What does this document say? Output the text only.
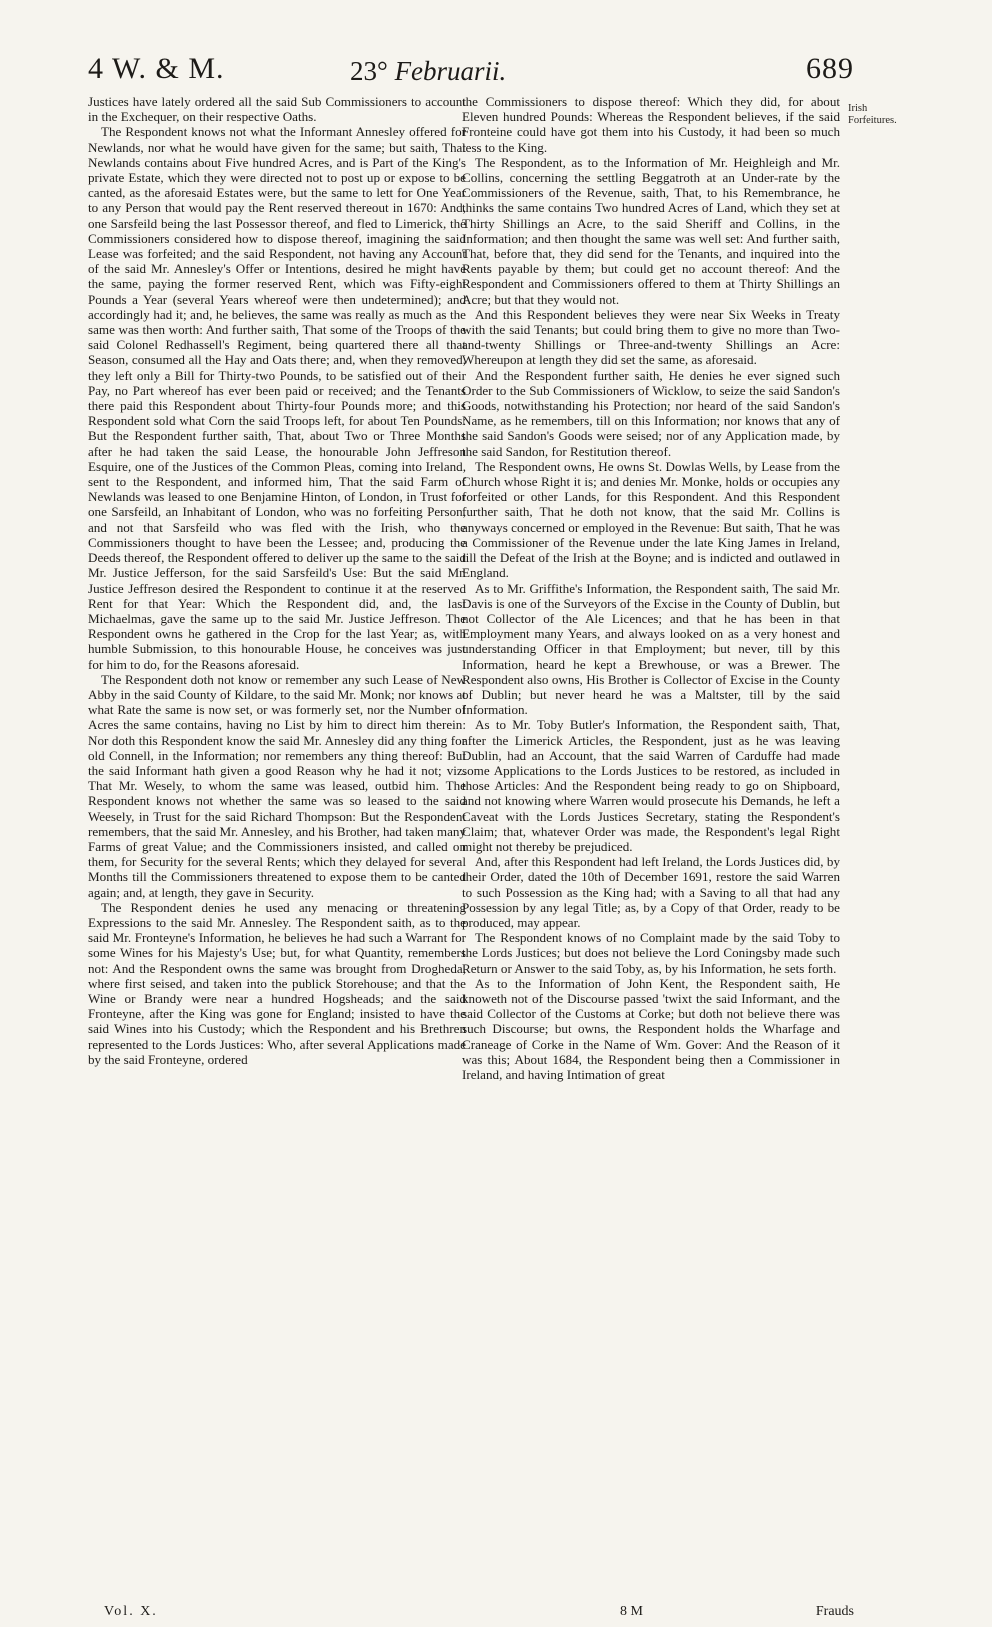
4 W. & M.	23° Februarii.	689

Justices have lately ordered all the said Sub Commissioners to account in the Exchequer, on their respective Oaths.

The Respondent knows not what the Informant Annesley offered for Newlands, nor what he would have given for the same; but saith, That Newlands contains about Five hundred Acres, and is Part of the King's private Estate, which they were directed not to post up or expose to be canted, as the aforesaid Estates were, but the same to lett for One Year to any Person that would pay the Rent reserved thereout in 1670: And, one Sarsfeild being the last Possessor thereof, and fled to Limerick, the Commissioners considered how to dispose thereof, imagining the said Lease was forfeited; and the said Respondent, not having any Account of the said Mr. Annesley's Offer or Intentions, desired he might have the same, paying the former reserved Rent, which was Fifty-eight Pounds a Year (several Years whereof were then undetermined); and accordingly had it; and, he believes, the same was really as much as the same was then worth: And further saith, That some of the Troops of the said Colonel Redhassell's Regiment, being quartered there all that Season, consumed all the Hay and Oats there; and, when they removed, they left only a Bill for Thirty-two Pounds, to be satisfied out of their Pay, no Part whereof has ever been paid or received; and the Tenants there paid this Respondent about Thirty-four Pounds more; and this Respondent sold what Corn the said Troops left, for about Ten Pounds: But the Respondent further saith, That, about Two or Three Months after he had taken the said Lease, the honourable John Jeffreson Esquire, one of the Justices of the Common Pleas, coming into Ireland, sent to the Respondent, and informed him, That the said Farm of Newlands was leased to one Benjamine Hinton, of London, in Trust for one Sarsfeild, an Inhabitant of London, who was no forfeiting Person, and not that Sarsfeild who was fled with the Irish, who the Commissioners thought to have been the Lessee; and, producing the Deeds thereof, the Respondent offered to deliver up the same to the said Mr. Justice Jefferson, for the said Sarsfeild's Use: But the said Mr. Justice Jeffreson desired the Respondent to continue it at the reserved Rent for that Year: Which the Respondent did, and, the last Michaelmas, gave the same up to the said Mr. Justice Jeffreson. The Respondent owns he gathered in the Crop for the last Year; as, with humble Submission, to this honourable House, he conceives was just for him to do, for the Reasons aforesaid.

The Respondent doth not know or remember any such Lease of New Abby in the said County of Kildare, to the said Mr. Monk; nor knows at what Rate the same is now set, or was formerly set, nor the Number of Acres the same contains, having no List by him to direct him therein: Nor doth this Respondent know the said Mr. Annesley did any thing for old Connell, in the Information; nor remembers any thing thereof: But the said Informant hath given a good Reason why he had it not; viz. That Mr. Wesely, to whom the same was leased, outbid him. The Respondent knows not whether the same was so leased to the said Weesely, in Trust for the said Richard Thompson: But the Respondent remembers, that the said Mr. Annesley, and his Brother, had taken many Farms of great Value; and the Commissioners insisted, and called on them, for Security for the several Rents; which they delayed for several Months till the Commissioners threatened to expose them to be canted again; and, at length, they gave in Security.

The Respondent denies he used any menacing or threatening Expressions to the said Mr. Annesley. The Respondent saith, as to the said Mr. Fronteyne's Information, he believes he had such a Warrant for some Wines for his Majesty's Use; but, for what Quantity, remembers not: And the Respondent owns the same was brought from Drogheda, where first seised, and taken into the publick Storehouse; and that the Wine or Brandy were near a hundred Hogsheads; and the said Fronteyne, after the King was gone for England; insisted to have the said Wines into his Custody; which the Respondent and his Brethren represented to the Lords Justices: Who, after several Applications made by the said Fronteyne, ordered

the Commissioners to dispose thereof: Which they did, for about Eleven hundred Pounds: Whereas the Respondent believes, if the said Fronteine could have got them into his Custody, it had been so much less to the King.

The Respondent, as to the Information of Mr. Heighleigh and Mr. Collins, concerning the settling Beggatroth at an Under-rate by the Commissioners of the Revenue, saith, That, to his Remembrance, he thinks the same contains Two hundred Acres of Land, which they set at Thirty Shillings an Acre, to the said Sheriff and Collins, in the Information; and then thought the same was well set: And further saith, That, before that, they did send for the Tenants, and inquired into the Rents payable by them; but could get no account thereof: And the Respondent and Commissioners offered to them at Thirty Shillings an Acre; but that they would not.

And this Respondent believes they were near Six Weeks in Treaty with the said Tenants; but could bring them to give no more than Two-and-twenty Shillings or Three-and-twenty Shillings an Acre: Whereupon at length they did set the same, as aforesaid.

And the Respondent further saith, He denies he ever signed such Order to the Sub Commissioners of Wicklow, to seize the said Sandon's Goods, notwithstanding his Protection; nor heard of the said Sandon's Name, as he remembers, till on this Information; nor knows that any of the said Sandon's Goods were seised; nor of any Application made, by the said Sandon, for Restitution thereof.

The Respondent owns, He owns St. Dowlas Wells, by Lease from the Church whose Right it is; and denies Mr. Monke, holds or occupies any forfeited or other Lands, for this Respondent. And this Respondent further saith, That he doth not know, that the said Mr. Collins is anyways concerned or employed in the Revenue: But saith, That he was a Commissioner of the Revenue under the late King James in Ireland, till the Defeat of the Irish at the Boyne; and is indicted and outlawed in England.

As to Mr. Griffithe's Information, the Respondent saith, The said Mr. Davis is one of the Surveyors of the Excise in the County of Dublin, but not Collector of the Ale Licences; and that he has been in that Employment many Years, and always looked on as a very honest and understanding Officer in that Employment; but never, till by this Information, heard he kept a Brewhouse, or was a Brewer. The Respondent also owns, His Brother is Collector of Excise in the County of Dublin; but never heard he was a Maltster, till by the said Information.

As to Mr. Toby Butler's Information, the Respondent saith, That, after the Limerick Articles, the Respondent, just as he was leaving Dublin, had an Account, that the said Warren of Carduffe had made some Applications to the Lords Justices to be restored, as included in those Articles: And the Respondent being ready to go on Shipboard, and not knowing where Warren would prosecute his Demands, he left a Caveat with the Lords Justices Secretary, stating the Respondent's Claim; that, whatever Order was made, the Respondent's legal Right might not thereby be prejudiced.

And, after this Respondent had left Ireland, the Lords Justices did, by their Order, dated the 10th of December 1691, restore the said Warren to such Possession as the King had; with a Saving to all that had any Possession by any legal Title; as, by a Copy of that Order, ready to be produced, may appear.

The Respondent knows of no Complaint made by the said Toby to the Lords Justices; but does not believe the Lord Coningsby made such Return or Answer to the said Toby, as, by his Information, he sets forth.

As to the Information of John Kent, the Respondent saith, He knoweth not of the Discourse passed 'twixt the said Informant, and the said Collector of the Customs at Corke; but doth not believe there was such Discourse; but owns, the Respondent holds the Wharfage and Craneage of Corke in the Name of Wm. Gover: And the Reason of it was this; About 1684, the Respondent being then a Commissioner in Ireland, and having Intimation of great

Irish Forfeitures.
Vol. X.	8 M	Frauds
